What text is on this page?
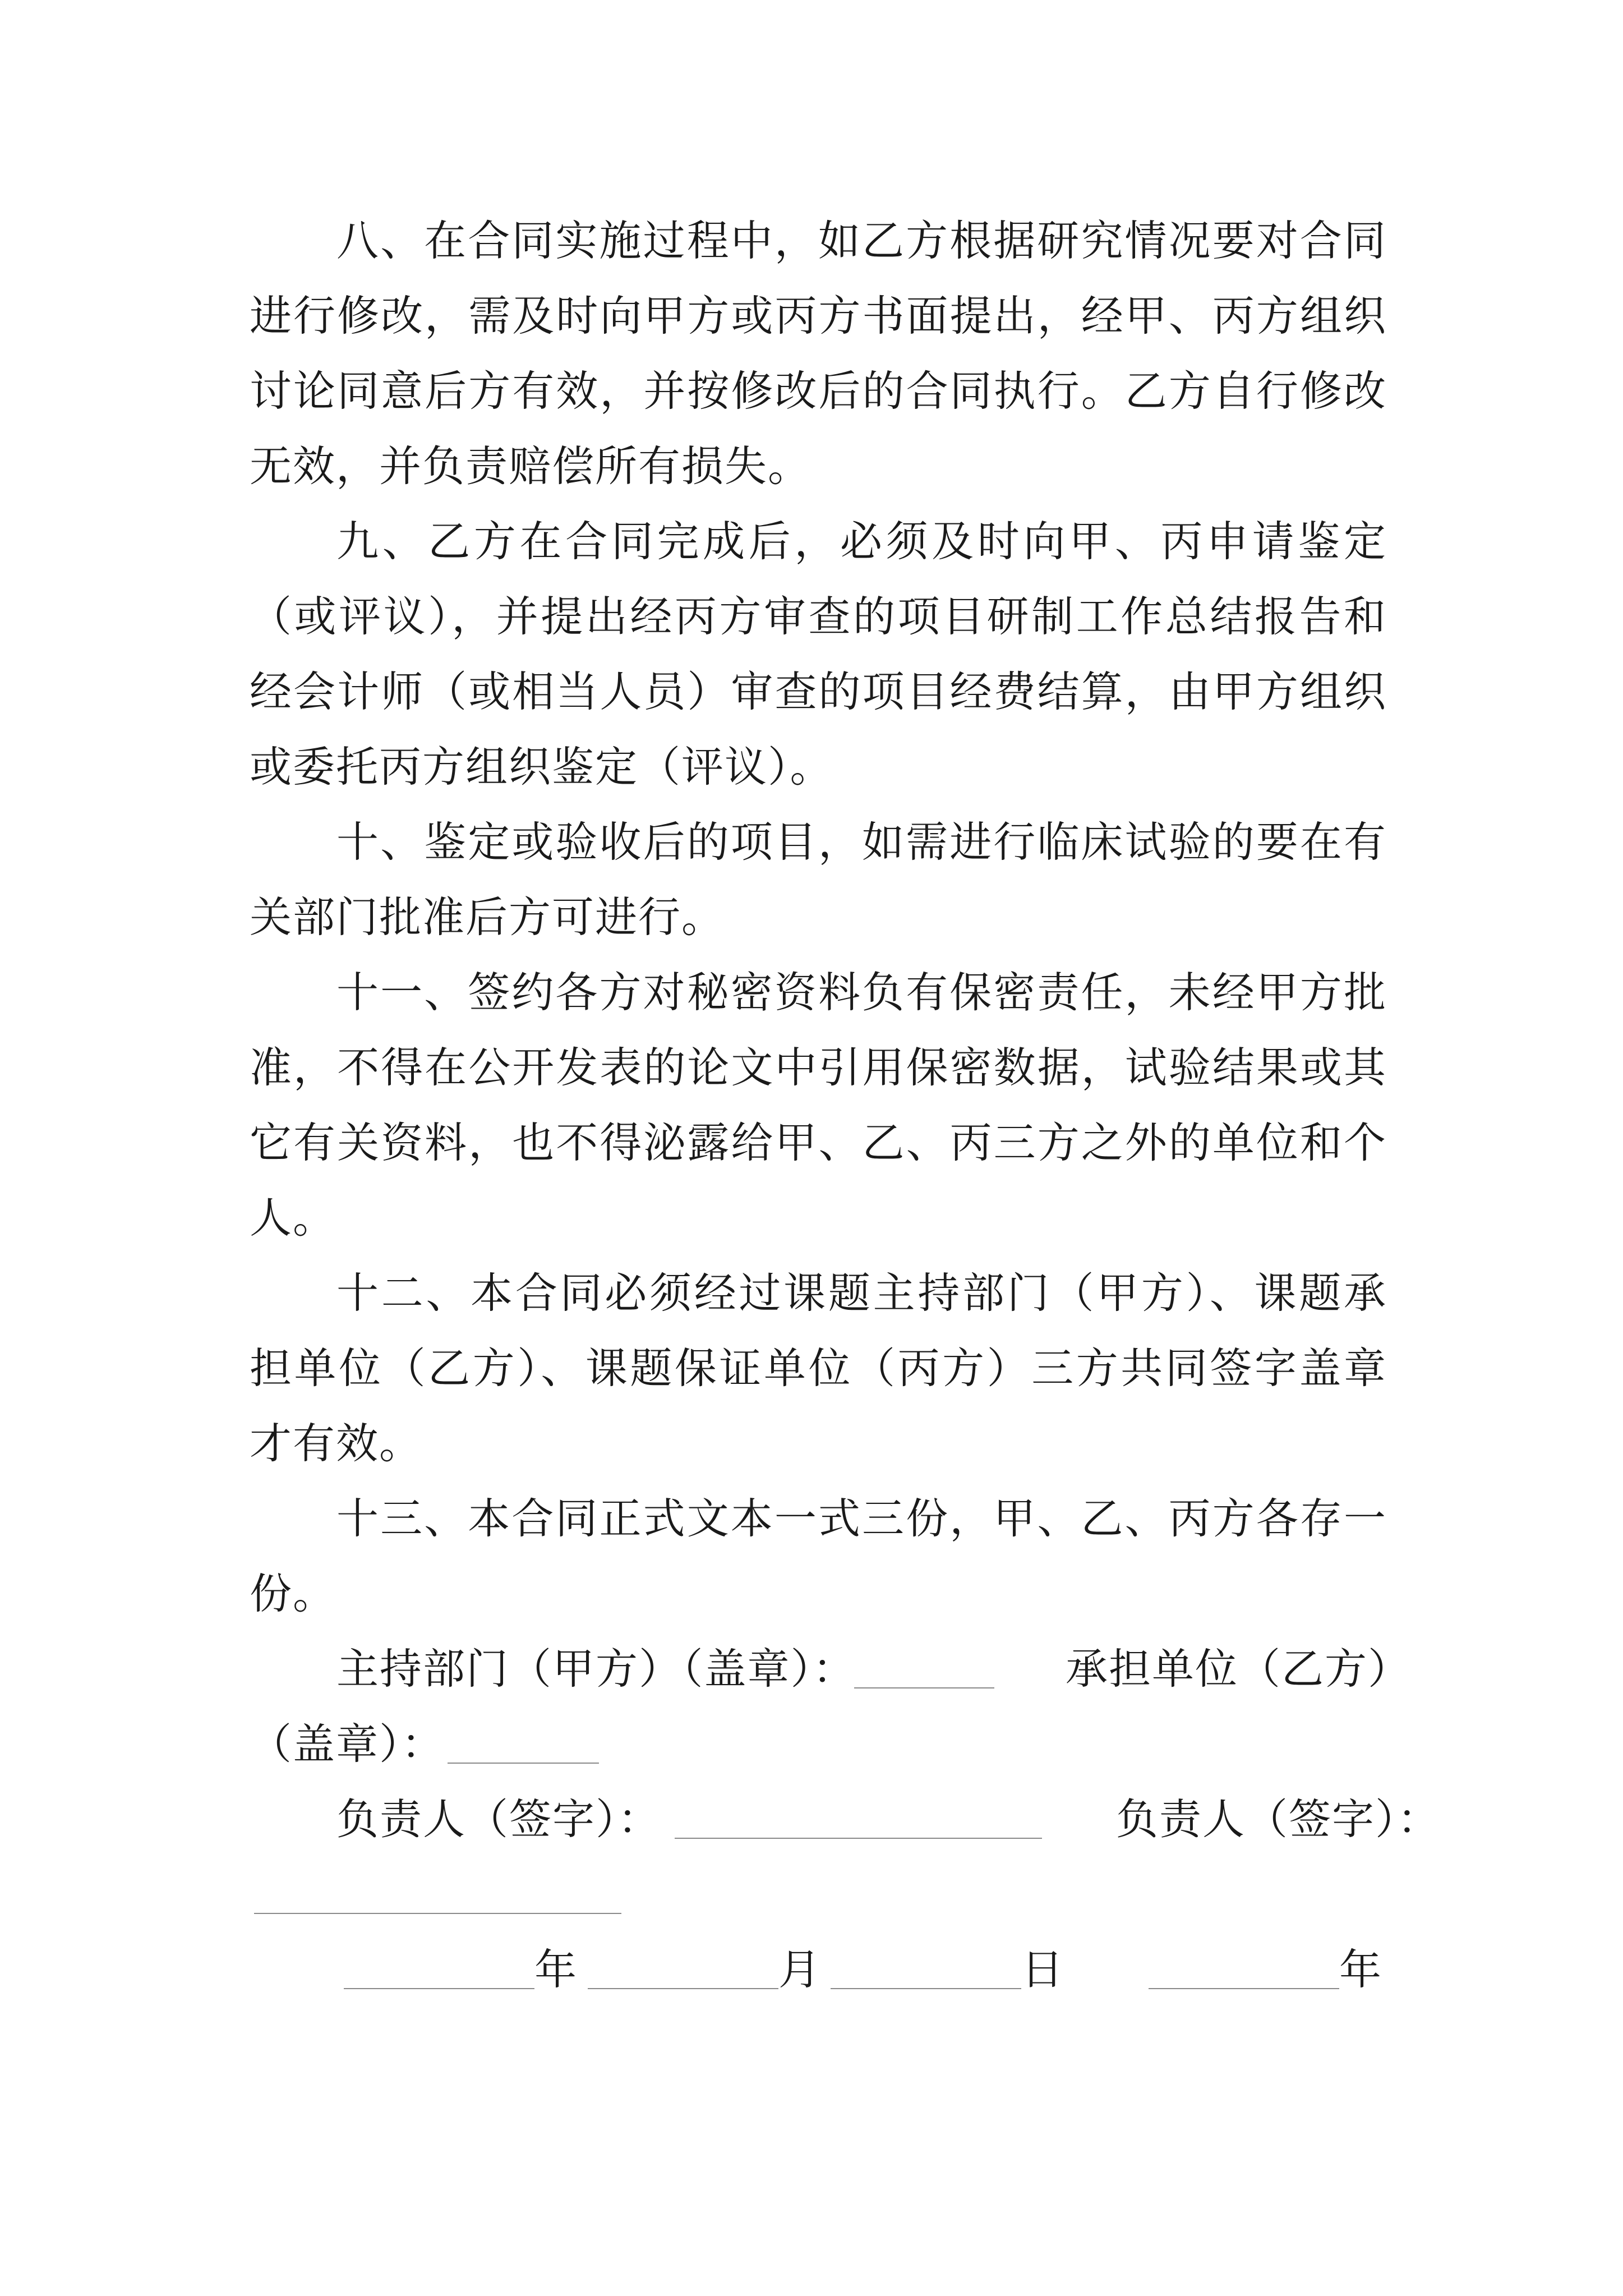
八、在合同实施过程中，如乙方根据研究情况要对合同进行修改，需及时向甲方或丙方书面提出，经甲、丙方组织讨论同意后方有效，并按修改后的合同执行。乙方自行修改无效，并负责赔偿所有损失。

九、乙方在合同完成后，必须及时向甲、丙申请鉴定（或评议），并提出经丙方审查的项目研制工作总结报告和经会计师（或相当人员）审查的项目经费结算，由甲方组织或委托丙方组织鉴定（评议）。

十、鉴定或验收后的项目，如需进行临床试验的要在有关部门批准后方可进行。

十一、签约各方对秘密资料负有保密责任，未经甲方批准，不得在公开发表的论文中引用保密数据，试验结果或其它有关资料，也不得泌露给甲、乙、丙三方之外的单位和个人。

十二、本合同必须经过课题主持部门（甲方）、课题承担单位（乙方）、课题保证单位（丙方）三方共同签字盖章才有效。

十三、本合同正式文本一式三份，甲、乙、丙方各存一份。

主持部门（甲方）（盖章）：	承担单位（乙方）
（盖章）：
负责人（签字）：	负责人（签字）：
年	月	日	年
